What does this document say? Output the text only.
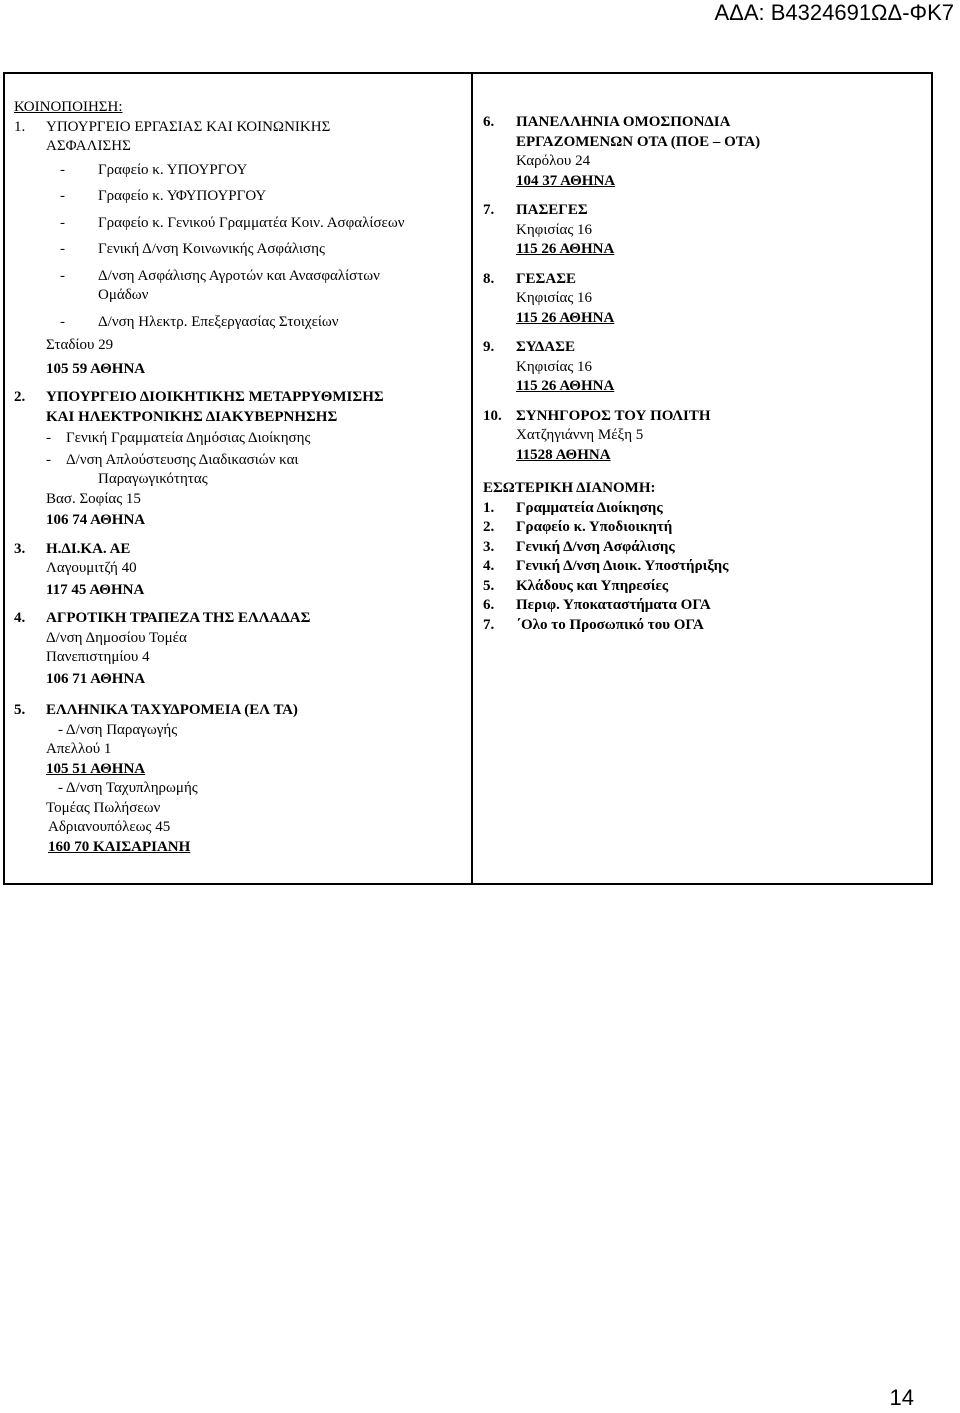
ΑΔΑ: Β4324691ΩΔ-ΦΚ7
ΚΟΙΝΟΠΟΙΗΣΗ:
1. ΥΠΟΥΡΓΕΙΟ ΕΡΓΑΣΙΑΣ ΚΑΙ ΚΟΙΝΩΝΙΚΗΣ
ΑΣΦΑΛΙΣΗΣ
-	Γραφείο κ. ΥΠΟΥΡΓΟΥ
-	Γραφείο κ. ΥΦΥΠΟΥΡΓΟΥ
-	Γραφείο κ. Γενικού Γραμματέα Κοιν. Ασφαλίσεων
-	Γενική Δ/νση Κοινωνικής Ασφάλισης
-	Δ/νση Ασφάλισης Αγροτών και Ανασφαλίστων
Ομάδων
-	Δ/νση Ηλεκτρ. Επεξεργασίας Στοιχείων
Σταδίου 29
105 59 ΑΘΗΝΑ
2. ΥΠΟΥΡΓΕΙΟ ΔΙΟΙΚΗΤΙΚΗΣ ΜΕΤΑΡΡΥΘΜΙΣΗΣ
ΚΑΙ ΗΛΕΚΤΡΟΝΙΚΗΣ ΔΙΑΚΥΒΕΡΝΗΣΗΣ
-	Γενική Γραμματεία Δημόσιας Διοίκησης
-	Δ/νση Απλούστευσης Διαδικασιών και
Παραγωγικότητας
Βασ. Σοφίας 15
106 74 ΑΘΗΝΑ
3. Η.ΔΙ.ΚΑ. ΑΕ
Λαγουμιτζή 40
117 45 ΑΘΗΝΑ
4. ΑΓΡΟΤΙΚΗ ΤΡΑΠΕΖΑ ΤΗΣ ΕΛΛΑΔΑΣ
Δ/νση Δημοσίου Τομέα
Πανεπιστημίου 4
106 71 ΑΘΗΝΑ
5. ΕΛΛΗΝΙΚΑ ΤΑΧΥΔΡΟΜΕΙΑ (ΕΛ ΤΑ)
- Δ/νση Παραγωγής
Απελλού 1
105 51 ΑΘΗΝΑ
- Δ/νση Ταχυπληρωμής
Τομέας Πωλήσεων
Αδριανουπόλεως 45
160 70 ΚΑΙΣΑΡΙΑΝΗ
6. ΠΑΝΕΛΛΗΝΙΑ ΟΜΟΣΠΟΝΔΙΑ
ΕΡΓΑΖΟΜΕΝΩΝ ΟΤΑ (ΠΟΕ – ΟΤΑ)
Καρόλου 24
104 37 ΑΘΗΝΑ
7. ΠΑΣΕΓΕΣ
Κηφισίας 16
115 26 ΑΘΗΝΑ
8. ΓΕΣΑΣΕ
Κηφισίας 16
115 26 ΑΘΗΝΑ
9. ΣΥΔΑΣΕ
Κηφισίας 16
115 26 ΑΘΗΝΑ
10. ΣΥΝΗΓΟΡΟΣ ΤΟΥ ΠΟΛΙΤΗ
Χατζηγιάννη Μέξη 5
11528 ΑΘΗΝΑ
ΕΣΩΤΕΡΙΚΗ ΔΙΑΝΟΜΗ:
1. Γραμματεία Διοίκησης
2. Γραφείο κ. Υποδιοικητή
3. Γενική Δ/νση Ασφάλισης
4. Γενική Δ/νση Διοικ. Υποστήριξης
5. Κλάδους και Υπηρεσίες
6. Περιφ. Υποκαταστήματα ΟΓΑ
7. ΄Ολο το Προσωπικό του ΟΓΑ
14
